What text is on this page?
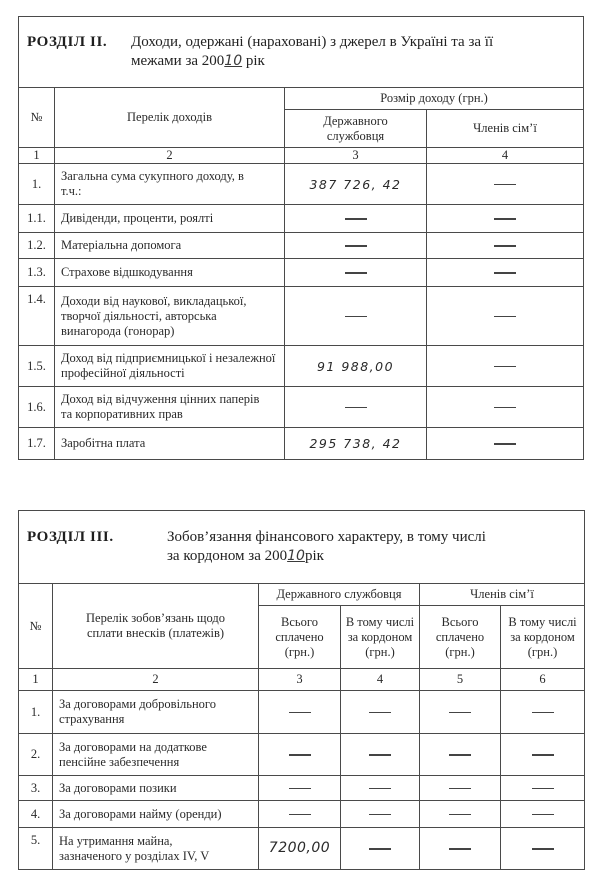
РОЗДІЛ II. Доходи, одержані (нараховані) з джерел в Україні та за її
межами за 20010 рік			

№	Перелік доходів	Розмір доходу (грн.)	
		Державного службовця	Членів сім’ї
1	2	3	4
1.	Загальна сума сукупного доходу, в т.ч.:	387 726, 42	
1.1.	Дивіденди, проценти, роялті		
1.2.	Матеріальна допомога		
1.3.	Страхове відшкодування		
1.4.	Доходи від наукової, викладацької, творчої діяльності, авторська винагорода (гонорар)		
1.5.	Доход від підприємницької і незалежної професійної діяльності	91 988,00	
1.6.	Доход від відчуження цінних паперів та корпоративних прав		
1.7.	Заробітна плата	295 738, 42	
РОЗДІЛ III. Зобов’язання фінансового характеру, в тому числі
за кордоном за 20010рік					

№	Перелік зобов’язань щодо сплати внесків (платежів)	Державного службовця		Членів сім’ї	
		Всього сплачено (грн.)	В тому числі за кордоном (грн.)	Всього сплачено (грн.)	В тому числі за кордоном (грн.)
1	2	3	4	5	6
1.	За договорами добровільного страхування				
2.	За договорами на додаткове пенсійне забезпечення				
3.	За договорами позики				
4.	За договорами найму (оренди)				
5.	На утримання майна, зазначеного у розділах IV, V	7200,00			
